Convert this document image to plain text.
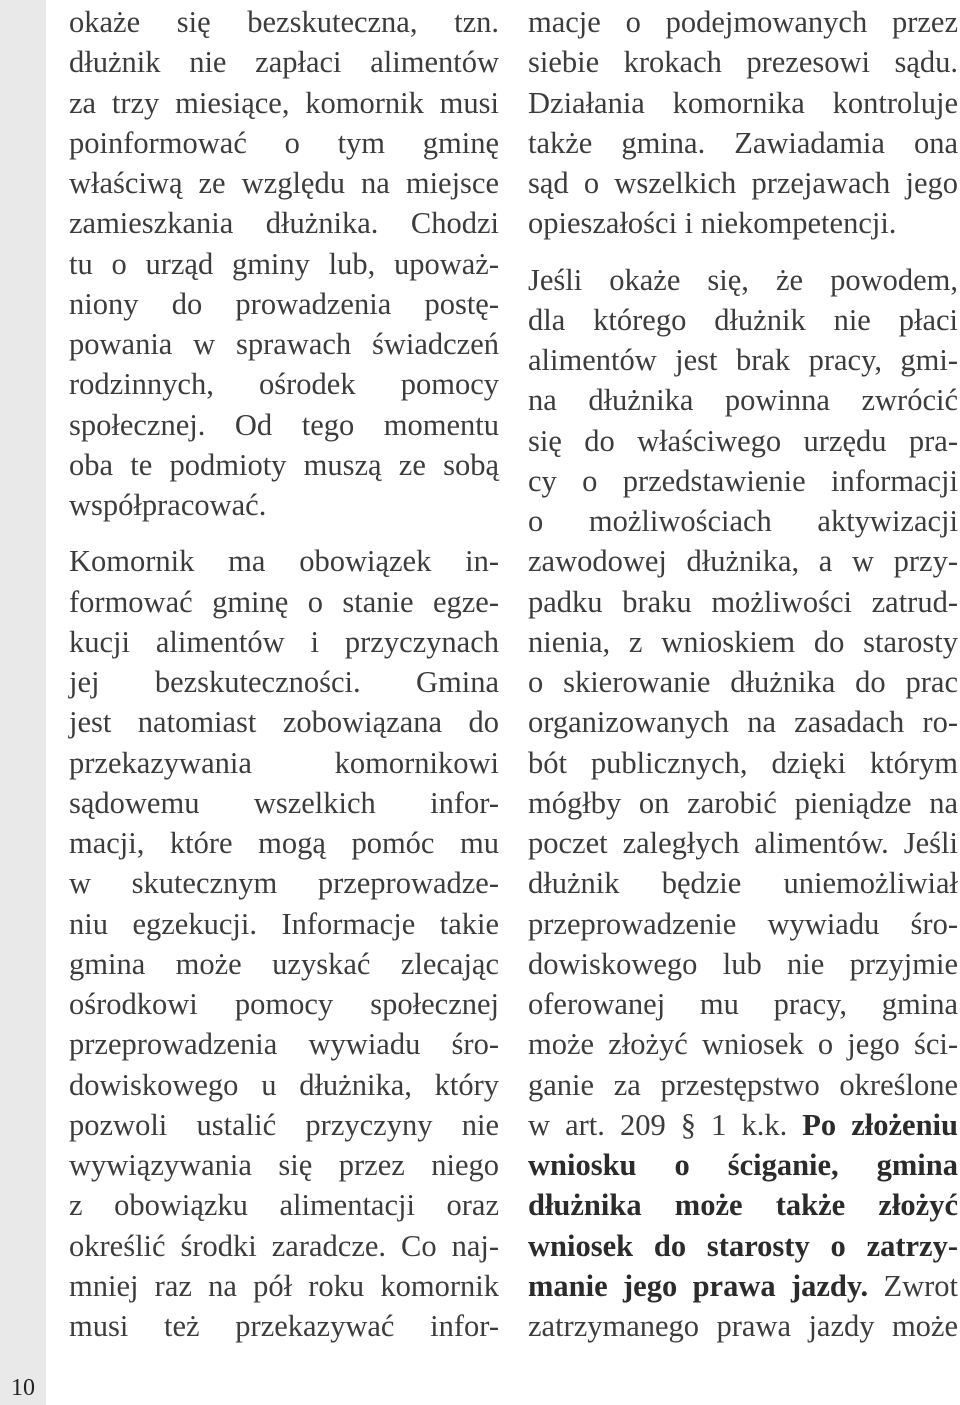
10
okaże się bezskuteczna, tzn.
dłużnik nie zapłaci alimentów
za trzy miesiące, komornik musi
poinformować o tym gminę
właściwą ze względu na miejsce
zamieszkania dłużnika. Chodzi
tu o urząd gminy lub, upoważ-
niony do prowadzenia postę-
powania w sprawach świadczeń
rodzinnych, ośrodek pomocy
społecznej. Od tego momentu
oba te podmioty muszą ze sobą
współpracować.
Komornik ma obowiązek in-
formować gminę o stanie egze-
kucji alimentów i przyczynach
jej bezskuteczności. Gmina
jest natomiast zobowiązana do
przekazywania komornikowi
sądowemu wszelkich infor-
macji, które mogą pomóc mu
w skutecznym przeprowadze-
niu egzekucji. Informacje takie
gmina może uzyskać zlecając
ośrodkowi pomocy społecznej
przeprowadzenia wywiadu śro-
dowiskowego u dłużnika, który
pozwoli ustalić przyczyny nie
wywiązywania się przez niego
z obowiązku alimentacji oraz
określić środki zaradcze. Co naj-
mniej raz na pół roku komornik
musi też przekazywać infor-
macje o podejmowanych przez
siebie krokach prezesowi sądu.
Działania komornika kontroluje
także gmina. Zawiadamia ona
sąd o wszelkich przejawach jego
opieszałości i niekompetencji.
Jeśli okaże się, że powodem,
dla którego dłużnik nie płaci
alimentów jest brak pracy, gmi-
na dłużnika powinna zwrócić
się do właściwego urzędu pra-
cy o przedstawienie informacji
o możliwościach aktywizacji
zawodowej dłużnika, a w przy-
padku braku możliwości zatrud-
nienia, z wnioskiem do starosty
o skierowanie dłużnika do prac
organizowanych na zasadach ro-
bót publicznych, dzięki którym
mógłby on zarobić pieniądze na
poczet zaległych alimentów. Jeśli
dłużnik będzie uniemożliwiał
przeprowadzenie wywiadu śro-
dowiskowego lub nie przyjmie
oferowanej mu pracy, gmina
może złożyć wniosek o jego ści-
ganie za przestępstwo określone
w art. 209 § 1 k.k. Po złożeniu
wniosku o ściganie, gmina
dłużnika może także złożyć
wniosek do starosty o zatrzy-
manie jego prawa jazdy. Zwrot
zatrzymanego prawa jazdy może
